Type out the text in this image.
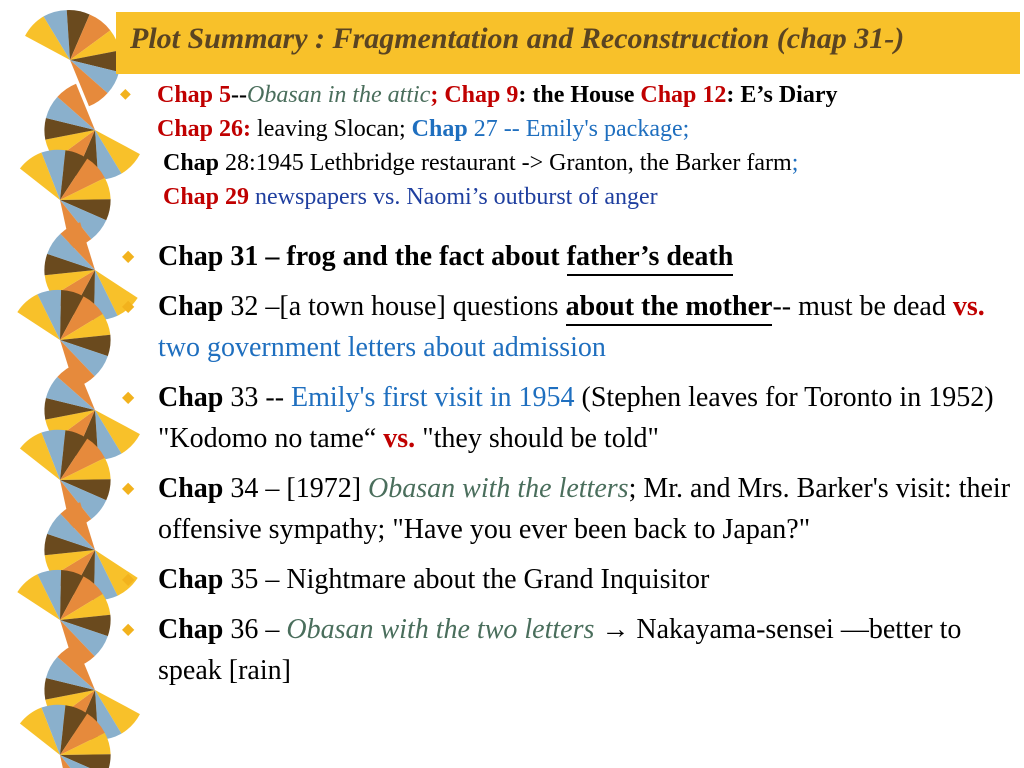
Plot Summary : Fragmentation and Reconstruction (chap 31-)
◆ Chap 5--Obasan in the attic; Chap 9: the House Chap 12: E’s Diary
Chap 26: leaving Slocan; Chap 27 -- Emily's package;
Chap 28:1945 Lethbridge restaurant -> Granton, the Barker farm;
Chap 29 newspapers vs. Naomi’s outburst of anger
◆ Chap 31 – frog and the fact about father’s death
◆ Chap 32 –[a town house] questions about the mother-- must be dead vs. two government letters about admission
◆ Chap 33 -- Emily's first visit in 1954 (Stephen leaves for Toronto in 1952) "Kodomo no tame“ vs. "they should be told"
◆ Chap 34 – [1972] Obasan with the letters; Mr. and Mrs. Barker's visit: their offensive sympathy; "Have you ever been back to Japan?"
◆ Chap 35 – Nightmare about the Grand Inquisitor
◆ Chap 36 – Obasan with the two letters → Nakayama-sensei —better to speak [rain]
